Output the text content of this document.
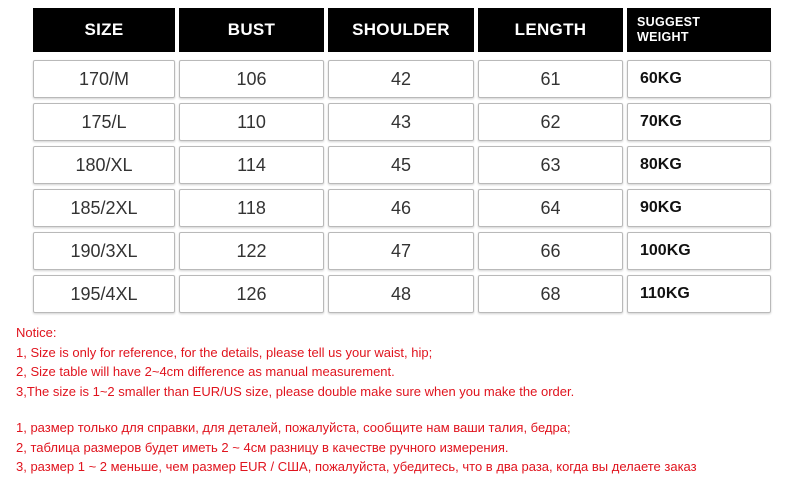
SIZE	BUST	SHOULDER	LENGTH	SUGGEST
WEIGHT
170/M	106	42	61	60KG
175/L	110	43	62	70KG
180/XL	114	45	63	80KG
185/2XL	118	46	64	90KG
190/3XL	122	47	66	100KG
195/4XL	126	48	68	110KG
Notice:
1, Size is only for reference, for the details, please tell us your waist, hip;
2, Size table will have 2~4cm difference as manual measurement.
3,The size is 1~2 smaller than EUR/US size, please double make sure when you make the order.
1, размер только для справки, для деталей, пожалуйста, сообщите нам ваши талия, бедра;
2, таблица размеров будет иметь 2 ~ 4см разницу в качестве ручного измерения.
3, размер 1 ~ 2 меньше, чем размер EUR / США, пожалуйста, убедитесь, что в два раза, когда вы делаете заказ
